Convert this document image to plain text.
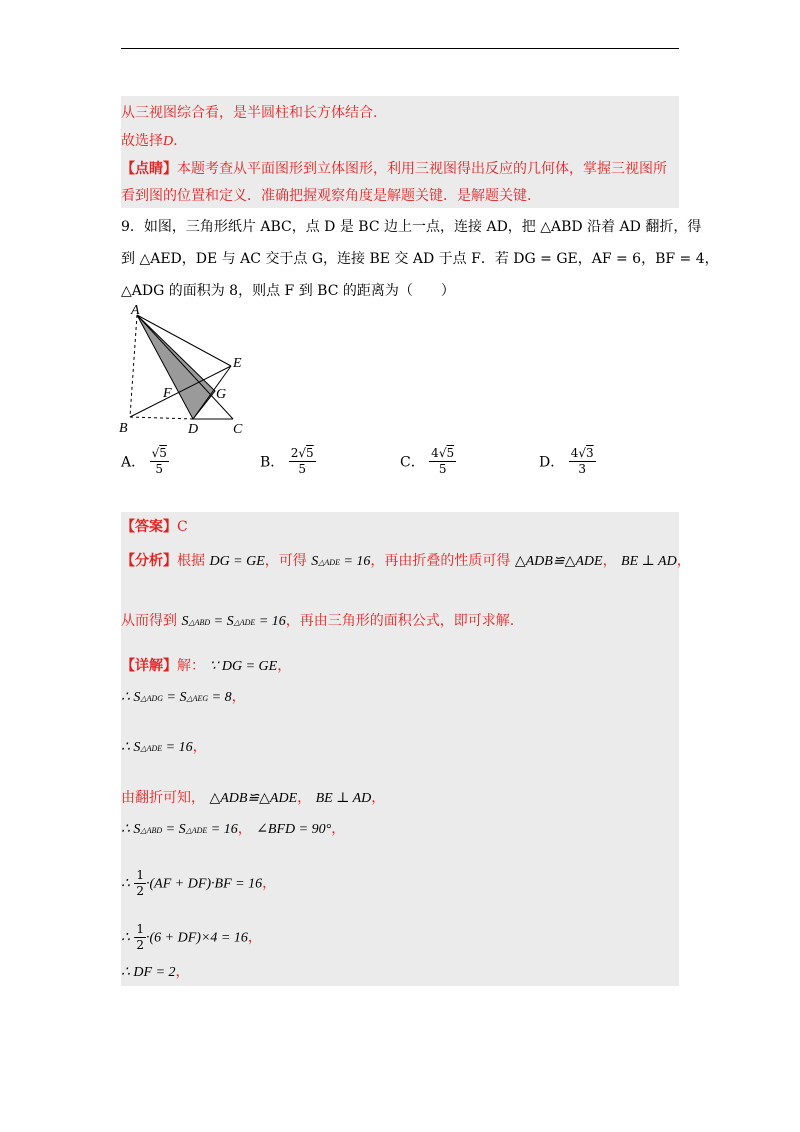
从三视图综合看，是半圆柱和长方体结合.
故选择D.
【点睛】本题考查从平面图形到立体图形，利用三视图得出反应的几何体，掌握三视图所
看到图的位置和定义．准确把握观察角度是解题关键．是解题关键.
9．如图，三角形纸片 ABC，点 D 是 BC 边上一点，连接 AD，把 △ABD 沿着 AD 翻折，得
到 △AED，DE 与 AC 交于点 G，连接 BE 交 AD 于点 F．若 DG = GE，AF = 6，BF = 4，
△ADG 的面积为 8，则点 F 到 BC 的距离为（　　）
A
B	C
D
E
F	G
A． $\frac{√5}{5}$	B． $\frac{2√5}{5}$	C． $\frac{4√5}{5}$	D． $\frac{4√3}{3}$
【答案】C
【分析】根据 DG = GE，可得 S△ADE = 16，再由折叠的性质可得 △ADB≌△ADE， BE ⊥ AD，
从而得到 S△ABD = S△ADE = 16，再由三角形的面积公式，即可求解.
【详解】解： ∵ DG = GE，
∴ S△ADG = S△AEG = 8，
∴ S△ADE = 16，
由翻折可知， △ADB≌△ADE， BE ⊥ AD，
∴ S△ABD = S△ADE = 16， ∠BFD = 90°，
∴ $\frac{1}{2} \cdot(AF + DF)\cdot BF = 16$，
∴ $\frac{1}{2} \cdot(6 + DF)\times 4 = 16$，
∴ DF = 2，
